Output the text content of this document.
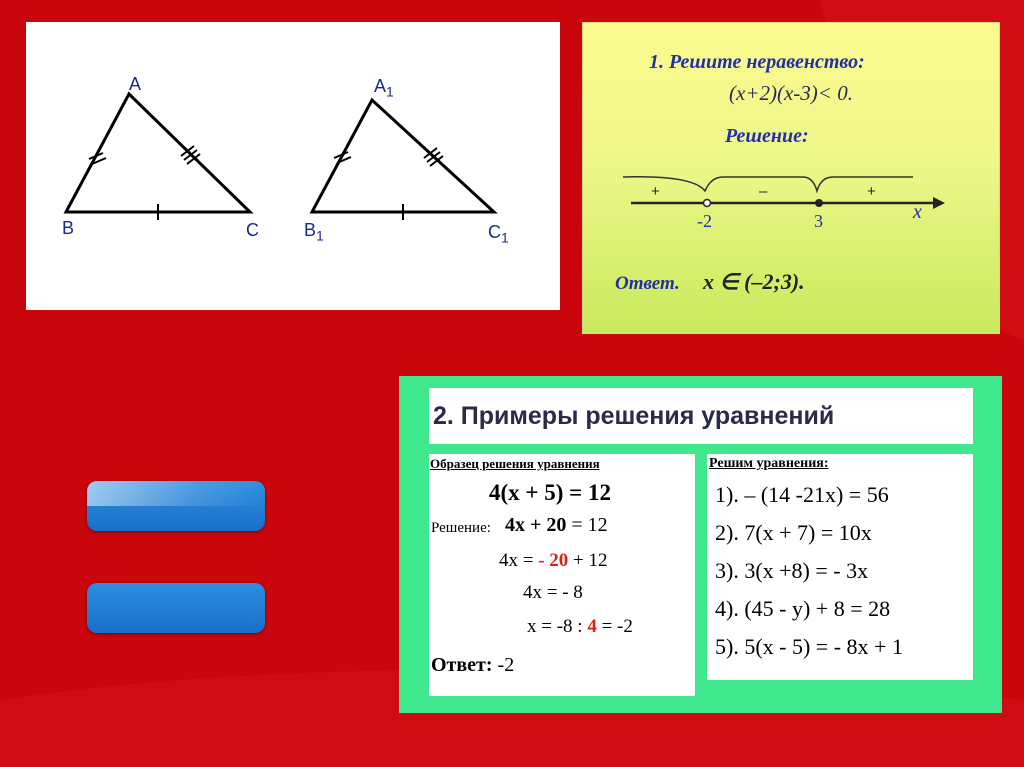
A
B	C
$A_1$
$B_1$	$C_1$
1. Решите неравенство:
(x+2)(x-3)< 0.
Решение:
+	–	+
-2	3	x
Ответ. x ∈ (–2;3).
2. Примеры решения уравнений
Образец решения уравнения
4(x + 5) = 12
Решение: 4x + 20 = 12
4x = - 20 + 12
4x = - 8
x = -8 : 4 = -2
Ответ: -2
Решим уравнения:
1). – (14 -21x) = 56
2). 7(x + 7) = 10x
3). 3(x +8) = - 3x
4). (45 - y) + 8 = 28
5). 5(x - 5) = - 8x + 1
